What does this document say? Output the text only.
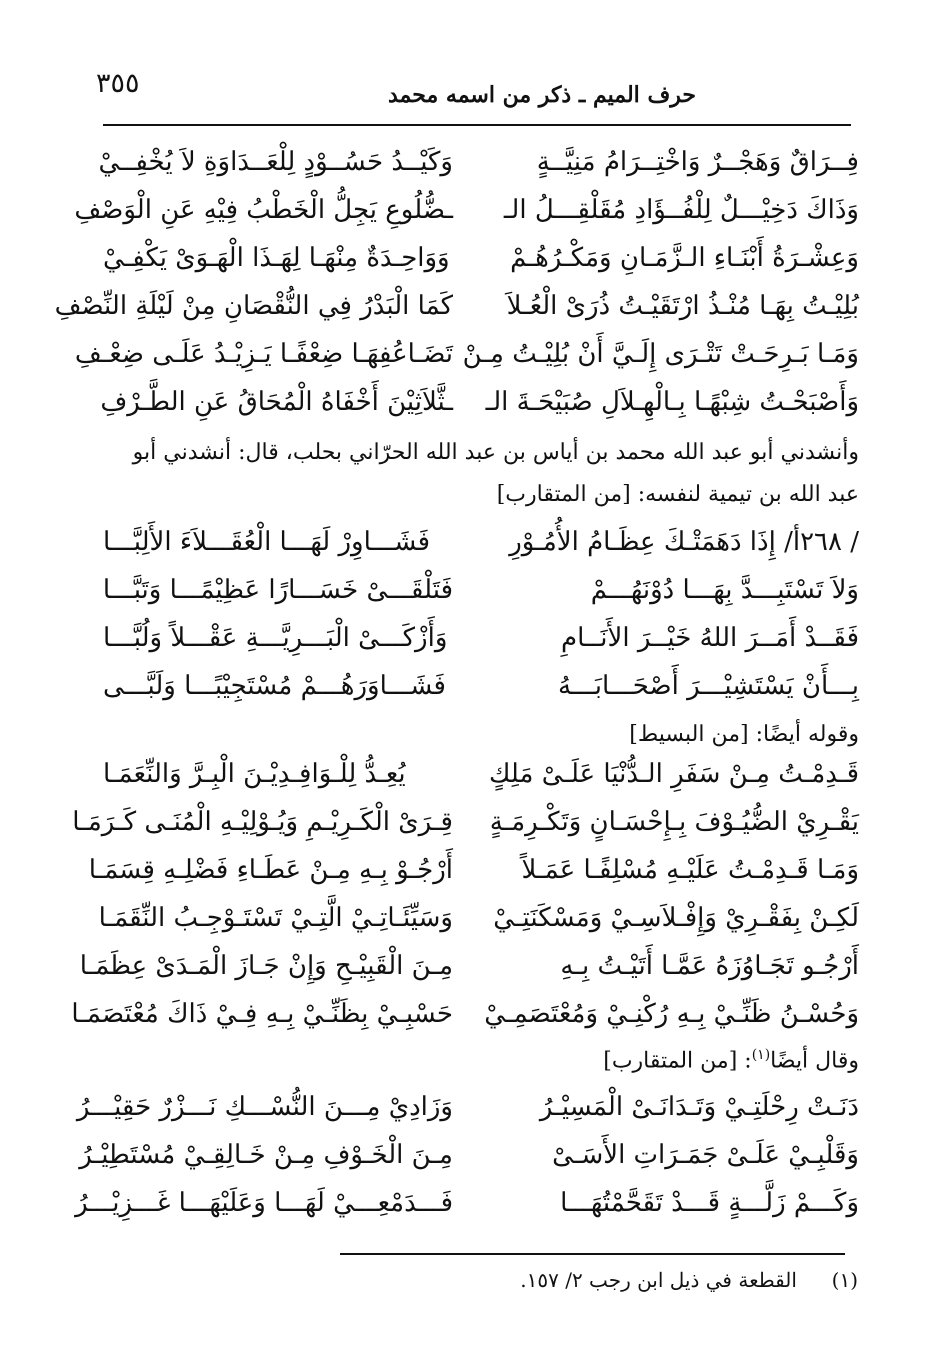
٣٥٥	حرف الميم ـ ذكر من اسمه محمد
فِــرَاقٌ وَهَجْــرٌ وَاخْتِــرَامُ مَنِيَّــةٍ
وَكَيْــدُ حَسُــوْدٍ لِلْعَــدَاوَةِ لاَ يُخْفِــيْ
وَذَاكَ دَخِيْـــلٌ لِلْفُــؤَادِ مُقَلْقِـــلُ الـ
ـضُّلُوعِ يَجِلُّ الْخَطْبُ فِيْهِ عَنِ الْوَصْفِ
وَعِشْـرَةُ أَبْنَـاءِ الـزَّمَـانِ وَمَكْـرُهُـمْ
وَوَاحِـدَةٌ مِنْهَـا لِهَـذَا الْهَـوَىْ يَكْفِـيْ
بُلِيْـتُ بِهَـا مُنْـذُ ارْتَقَيْـتُ ذُرَىْ الْعُـلاَ
كَمَا الْبَدْرُ فِي النُّقْصَانِ مِنْ لَيْلَةِ النِّصْفِ
وَمَـا بَـرِحَـتْ تَتْـرَى إِلَـيَّ أَنْ بُلِيْـتُ مِـنْ
تَضَـاعُفِهَـا ضِعْفًـا يَـزِيْـدُ عَلَـى ضِعْـفِ
وَأَصْبَحْـتُ شِبْهًـا بِـالْهِـلاَلِ صُبَيْحَـةَ الـ
ـثَّلاَثِيْنَ أَخْفَاهُ الْمُحَاقُ عَنِ الطَّـرْفِ
وأنشدني أبو عبد الله محمد بن أياس بن عبد الله الحرّاني بحلب، قال: أنشدني أبو
عبد الله بن تيمية لنفسه: [من المتقارب]
/ ٢٦٨أ/ إِذَا دَهَمَتْـكَ عِظَـامُ الأُمُـوْرِ
فَشَـــاوِرْ لَهَـــا الْعُقَـــلاَءَ الأَلِبَّـــا
وَلاَ تَسْتَبِـــدَّ بِهَـــا دُوْنَهُـــمْ
فَتَلْقَـــىْ خَسَـــارًا عَظِيْمًـــا وَتَبَّـــا
فَقَــدْ أَمَــرَ اللهُ خَيْــرَ الأَنَــامِ
وَأَزْكَـــىْ الْبَـــرِيَّـــةِ عَقْـــلاً وَلُبَّـــا
بِـــأَنْ يَسْتَشِيْـــرَ أَصْحَـــابَـــهُ
فَشَـــاوَرَهُـــمْ مُسْتَجِيْبًـــا وَلَبَّـــى
وقوله أيضًا: [من البسيط]
قَـدِمْـتُ مِـنْ سَفَرِ الـدُّنْيَا عَلَـىْ مَلِكٍ
يُعِـدُّ لِلْـوَافِـدِيْـنَ الْبِـرَّ وَالنِّعَمَـا
يَقْـرِيْ الضُّيُـوْفَ بِـإِحْسَـانٍ وَتَكْـرِمَـةٍ
قِـرَىْ الْكَـرِيْـمِ وَيُـوْلِيْـهِ الْمُنَـى كَـرَمَـا
وَمَـا قَـدِمْـتُ عَلَيْـهِ مُسْلِفًـا عَمَـلاً
أَرْجُـوْ بِـهِ مِـنْ عَطَـاءِ فَضْلِـهِ قِسَمَـا
لَكِـنْ بِفَقْـرِيْ وَإِفْـلاَسِـيْ وَمَسْكَنَتِـيْ
وَسَيِّئَـاتِـيْ الَّتِـيْ تَسْتَـوْجِـبُ النِّقَمَـا
أَرْجُـو تَجَـاوُزَهُ عَمَّـا أَتَيْـتُ بِـهِ
مِـنَ الْقَبِيْـحِ وَإِنْ جَـازَ الْمَـدَىْ عِظَمَـا
وَحُسْـنُ ظَنِّـيْ بِـهِ رُكْنِـيْ وَمُعْتَصَمِـيْ
حَسْبِـيْ بِظَنِّـيْ بِـهِ فِـيْ ذَاكَ مُعْتَصَمَـا
وقال أيضًا$^{(١)}$: [من المتقارب]
دَنَـتْ رِحْلَتِـيْ وَتَـدَانَـىْ الْمَسِيْـرُ
وَزَادِيْ مِـــنَ النُّسْـــكِ نَـــزْرٌ حَقِيْـــرُ
وَقَلْبِـيْ عَلَـىْ جَمَـرَاتِ الأَسَـىْ
مِـنَ الْخَـوْفِ مِـنْ خَـالِقِـيْ مُسْتَطِيْـرُ
وَكَـــمْ زَلَّـــةٍ قَـــدْ تَقَحَّمْتُهَـــا
فَـــدَمْعِـــيْ لَهَـــا وَعَلَيْهَـــا غَـــزِيْـــرُ
(١)  القطعة في ذيل ابن رجب ٢/ ١٥٧.
